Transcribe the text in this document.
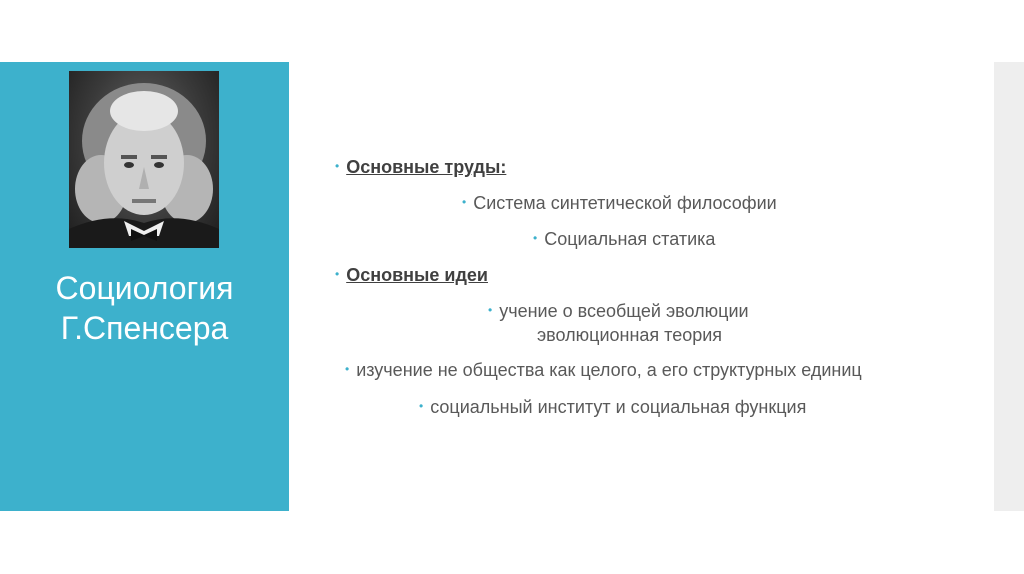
Социология
Г.Спенсера
• Основные труды:
• Система синтетической философии
• Социальная статика
• Основные идеи
• учение о всеобщей эволюции
эволюционная теория
• изучение не общества как целого, а его структурных единиц
• социальный институт и социальная функция
